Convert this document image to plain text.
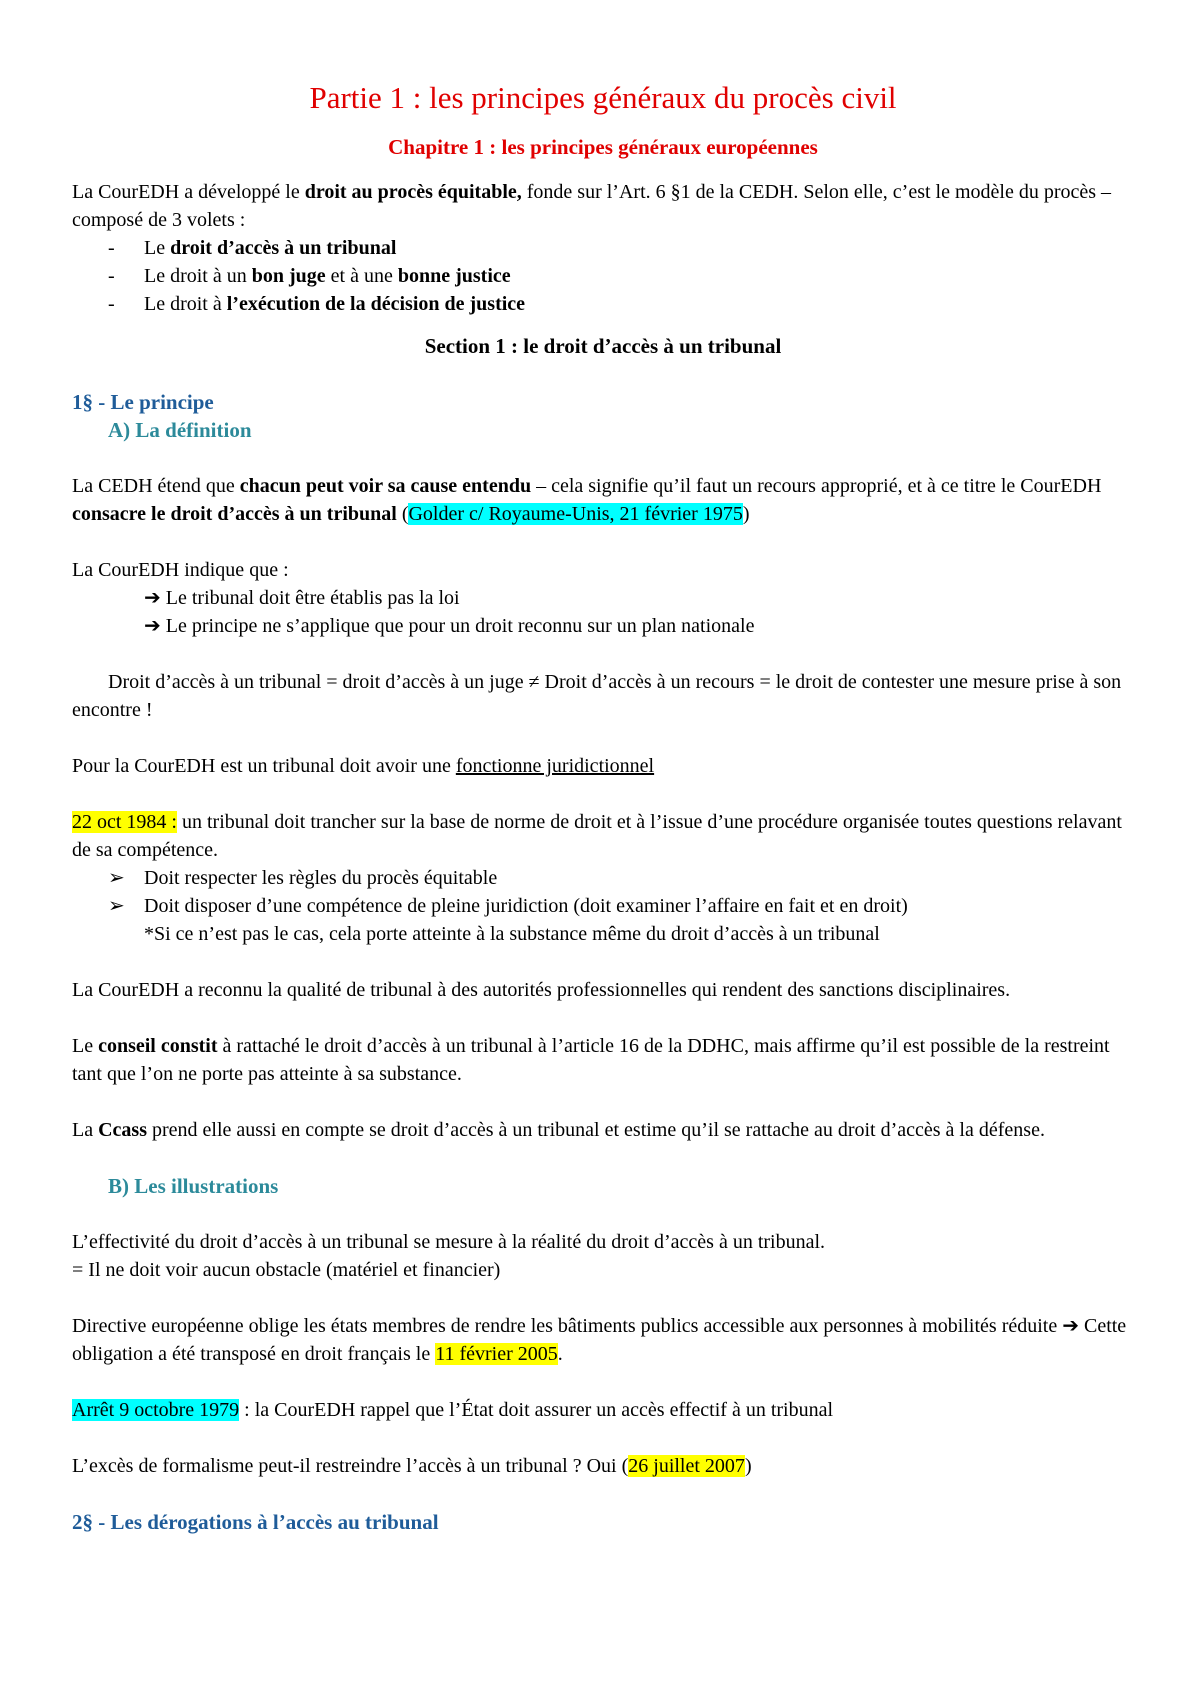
Partie 1 : les principes généraux du procès civil
Chapitre 1 : les principes généraux européennes

La CourEDH a développé le droit au procès équitable, fonde sur l’Art. 6 §1 de la CEDH. Selon elle, c’est le modèle du procès – composé de 3 volets :

- Le droit d’accès à un tribunal
- Le droit à un bon juge et à une bonne justice
- Le droit à l’exécution de la décision de justice

Section 1 : le droit d’accès à un tribunal

1§ - Le principe

A) La définition

La CEDH étend que chacun peut voir sa cause entendu – cela signifie qu’il faut un recours approprié, et à ce titre le CourEDH consacre le droit d’accès à un tribunal (Golder c/ Royaume-Unis, 21 février 1975)

La CourEDH indique que :

➔ Le tribunal doit être établis pas la loi

➔ Le principe ne s’applique que pour un droit reconnu sur un plan nationale

Droit d’accès à un tribunal = droit d’accès à un juge ≠ Droit d’accès à un recours = le droit de contester une mesure prise à son encontre !

Pour la CourEDH est un tribunal doit avoir une fonctionne juridictionnel

22 oct 1984 : un tribunal doit trancher sur la base de norme de droit et à l’issue d’une procédure organisée toutes questions relavant de sa compétence.

➢ Doit respecter les règles du procès équitable

➢ Doit disposer d’une compétence de pleine juridiction (doit examiner l’affaire en fait et en droit)

*Si ce n’est pas le cas, cela porte atteinte à la substance même du droit d’accès à un tribunal

La CourEDH a reconnu la qualité de tribunal à des autorités professionnelles qui rendent des sanctions disciplinaires.

Le conseil constit à rattaché le droit d’accès à un tribunal à l’article 16 de la DDHC, mais affirme qu’il est possible de la restreint tant que l’on ne porte pas atteinte à sa substance.

La Ccass prend elle aussi en compte se droit d’accès à un tribunal et estime qu’il se rattache au droit d’accès à la défense.

B) Les illustrations

L’effectivité du droit d’accès à un tribunal se mesure à la réalité du droit d’accès à un tribunal.

= Il ne doit voir aucun obstacle (matériel et financier)

Directive européenne oblige les états membres de rendre les bâtiments publics accessible aux personnes à mobilités réduite ➔ Cette obligation a été transposé en droit français le 11 février 2005.

Arrêt 9 octobre 1979 : la CourEDH rappel que l’État doit assurer un accès effectif à un tribunal

L’excès de formalisme peut-il restreindre l’accès à un tribunal ? Oui (26 juillet 2007)

2§ - Les dérogations à l’accès au tribunal
